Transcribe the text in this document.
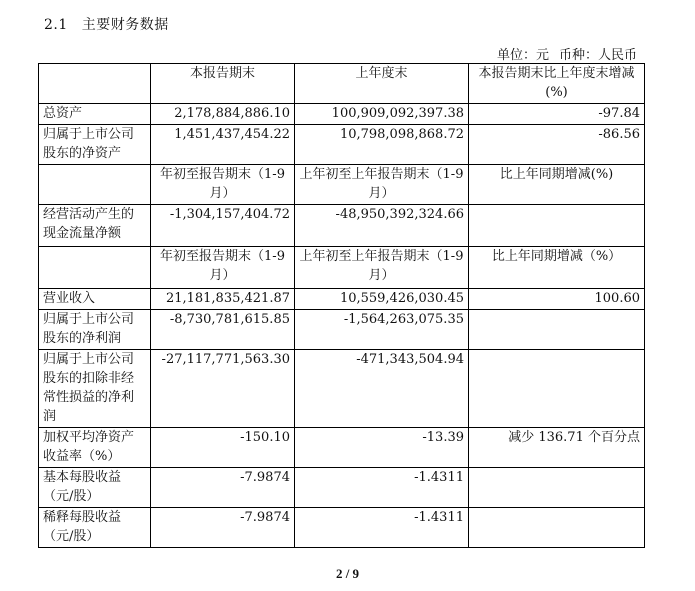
2.1 主要财务数据
单位：元 币种：人民币
	本报告期末	上年度末	本报告期末比上年度末增减(%)
总资产	2,178,884,886.10	100,909,092,397.38	-97.84
归属于上市公司股东的净资产	1,451,437,454.22	10,798,098,868.72	-86.56
	年初至报告期末（1-9月）	上年初至上年报告期末（1-9月）	比上年同期增减(%)
经营活动产生的现金流量净额	-1,304,157,404.72	-48,950,392,324.66	
	年初至报告期末（1-9月）	上年初至上年报告期末（1-9月）	比上年同期增减（%）
营业收入	21,181,835,421.87	10,559,426,030.45	100.60
归属于上市公司股东的净利润	-8,730,781,615.85	-1,564,263,075.35	
归属于上市公司股东的扣除非经常性损益的净利润	-27,117,771,563.30	-471,343,504.94	
加权平均净资产收益率（%）	-150.10	-13.39	减少 136.71 个百分点
基本每股收益（元/股）	-7.9874	-1.4311	
稀释每股收益（元/股）	-7.9874	-1.4311	
2 / 9
